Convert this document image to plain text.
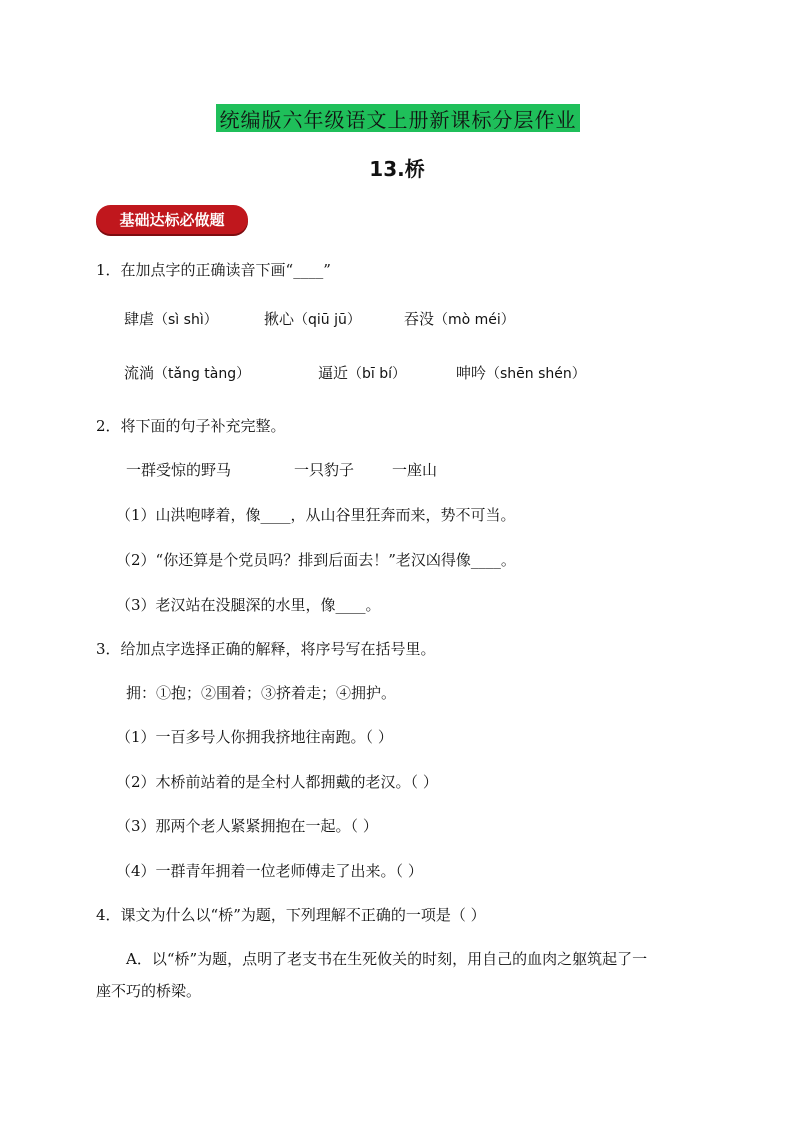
统编版六年级语文上册新课标分层作业
13.桥
基础达标必做题
1．在加点字的正确读音下画“____”
肆虐 （sì shì）	揪心 （qiū jū）	吞没 （mò méi）
流淌 （tǎng tàng）	逼近 （bī bí）	呻吟 （shēn shén）
2．将下面的句子补充完整。
一群受惊的野马	一只豹子	一座山
（1）山洪咆哮着，像____，从山谷里狂奔而来，势不可当。
（2）“你还算是个党员吗？排到后面去！”老汉凶得像____。
（3）老汉站在没腿深的水里，像____。
3．给加点字选择正确的解释，将序号写在括号里。
拥：①抱；②围着；③挤着走；④拥护。
（1）一百多号人你拥我挤地往南跑。（ ）
（2）木桥前站着的是全村人都拥戴的老汉。（ ）
（3）那两个老人紧紧拥抱在一起。（ ）
（4）一群青年拥着一位老师傅走了出来。（ ）
4．课文为什么以“桥”为题，下列理解不正确的一项是（ ）
A．以“桥”为题，点明了老支书在生死攸关的时刻，用自己的血肉之躯筑起了一
座不巧的桥梁。
